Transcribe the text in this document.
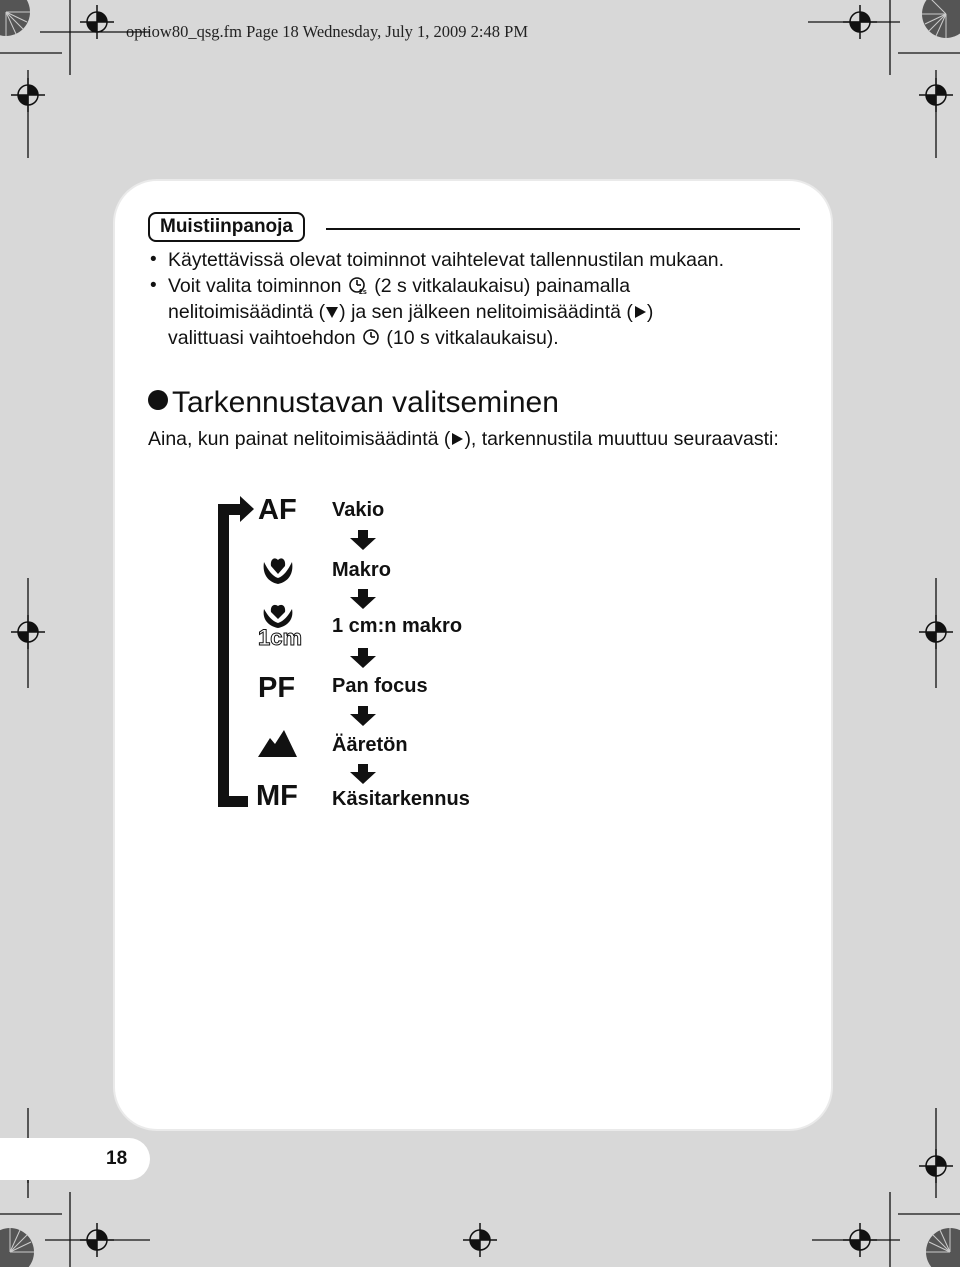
optiow80_qsg.fm Page 18 Wednesday, July 1, 2009 2:48 PM
Muistiinpanoja
• Käytettävissä olevat toiminnot vaihtelevat tallennustilan mukaan.
• Voit valita toiminnon 2s (2 s vitkalaukaisu) painamalla
nelitoimisäädintä ( ) ja sen jälkeen nelitoimisäädintä ( )
valittuasi vaihtoehdon (10 s vitkalaukaisu).
Tarkennustavan valitseminen
Aina, kun painat nelitoimisäädintä ( ), tarkennustila muuttuu seuraavasti:
AF
1cm
PF
MF
Vakio
Makro
1 cm:n makro
Pan focus
Ääretön
Käsitarkennus
18
